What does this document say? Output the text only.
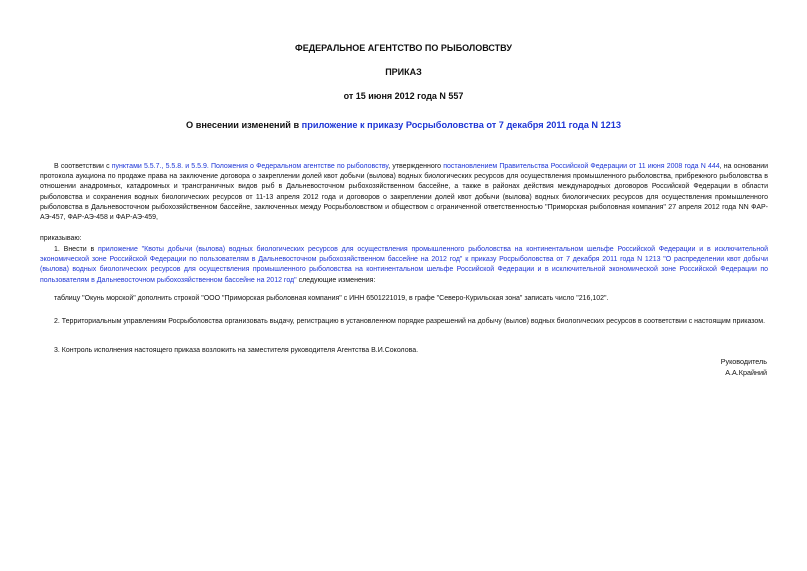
ФЕДЕРАЛЬНОЕ АГЕНТСТВО ПО РЫБОЛОВСТВУ
ПРИКАЗ
от 15 июня 2012 года N 557
О внесении изменений в приложение к приказу Росрыболовства от 7 декабря 2011 года N 1213
В соответствии с пунктами 5.5.7., 5.5.8. и 5.5.9. Положения о Федеральном агентстве по рыболовству, утвержденного постановлением Правительства Российской Федерации от 11 июня 2008 года N 444, на основании протокола аукциона по продаже права на заключение договора о закреплении долей квот добычи (вылова) водных биологических ресурсов для осуществления промышленного рыболовства, прибрежного рыболовства в отношении анадромных, катадромных и трансграничных видов рыб в Дальневосточном рыбохозяйственном бассейне, а также в районах действия международных договоров Российской Федерации в области рыболовства и сохранения водных биологических ресурсов от 11-13 апреля 2012 года и договоров о закреплении долей квот добычи (вылова) водных биологических ресурсов для осуществления промышленного рыболовства в Дальневосточном рыбохозяйственном бассейне, заключенных между Росрыболовством и обществом с ограниченной ответственностью "Приморская рыболовная компания" 27 апреля 2012 года NN ФАР-АЭ-457, ФАР-АЭ-458 и ФАР-АЭ-459,
приказываю:
1. Внести в приложение "Квоты добычи (вылова) водных биологических ресурсов для осуществления промышленного рыболовства на континентальном шельфе Российской Федерации и в исключительной экономической зоне Российской Федерации по пользователям в Дальневосточном рыбохозяйственном бассейне на 2012 год" к приказу Росрыболовства от 7 декабря 2011 года N 1213 "О распределении квот добычи (вылова) водных биологических ресурсов для осуществления промышленного рыболовства на континентальном шельфе Российской Федерации и в исключительной экономической зоне Российской Федерации по пользователям в Дальневосточном рыбохозяйственном бассейне на 2012 год" следующие изменения:
таблицу "Окунь морской" дополнить строкой "ООО "Приморская рыболовная компания" с ИНН 6501221019, в графе "Северо-Курильская зона" записать число "216,102".
2. Территориальным управлениям Росрыболовства организовать выдачу, регистрацию в установленном порядке разрешений на добычу (вылов) водных биологических ресурсов в соответствии с настоящим приказом.
3. Контроль исполнения настоящего приказа возложить на заместителя руководителя Агентства В.И.Соколова.
Руководитель
А.А.Крайний
